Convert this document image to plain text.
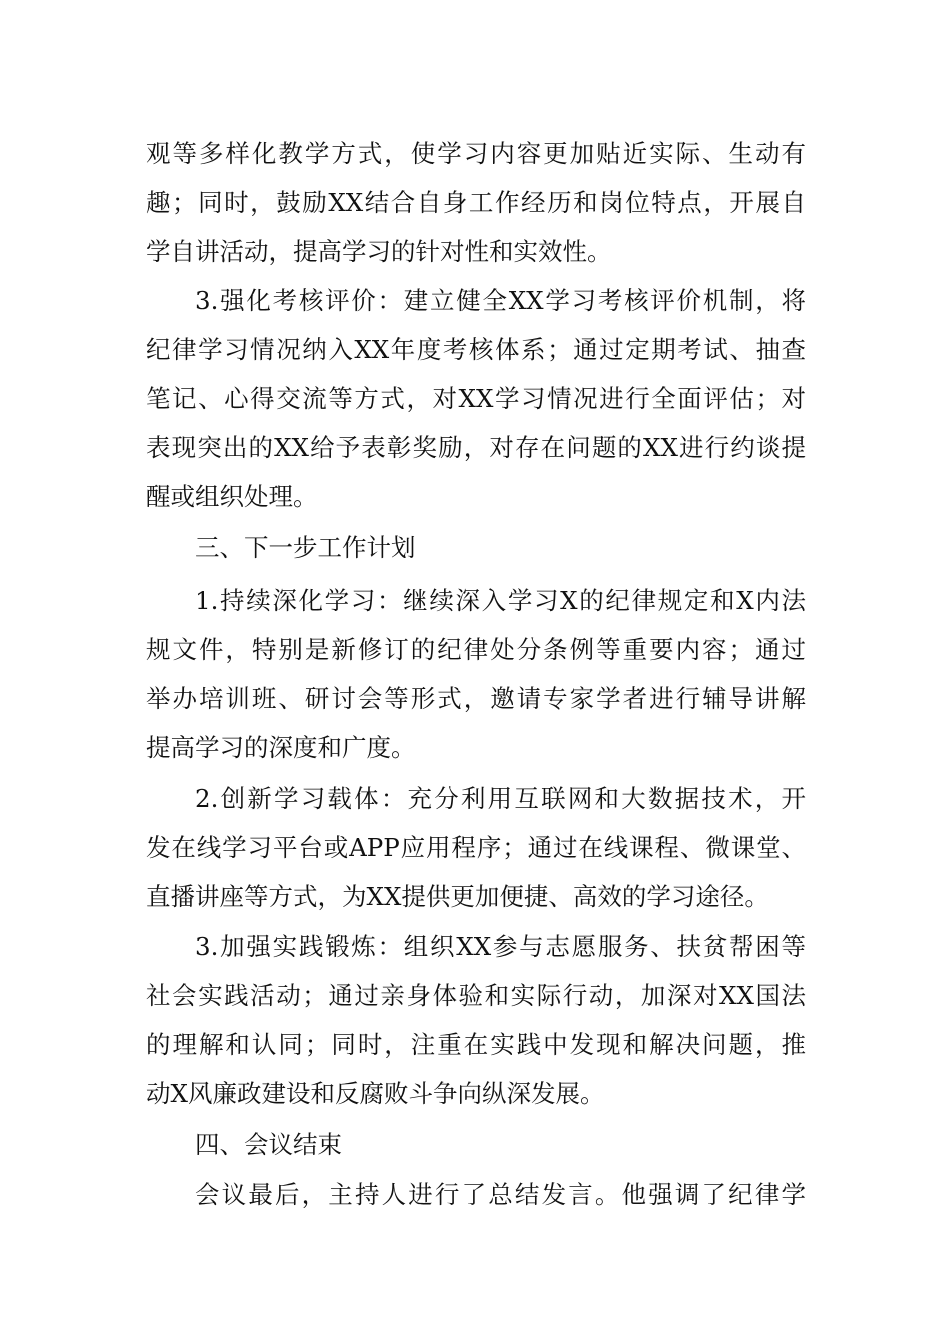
观等多样化教学方式，使学习内容更加贴近实际、生动有
趣；同时，鼓励XX结合自身工作经历和岗位特点，开展自
学自讲活动，提高学习的针对性和实效性。
3.强化考核评价：建立健全XX学习考核评价机制，将
纪律学习情况纳入XX年度考核体系；通过定期考试、抽查
笔记、心得交流等方式，对XX学习情况进行全面评估；对
表现突出的XX给予表彰奖励，对存在问题的XX进行约谈提
醒或组织处理。
三、下一步工作计划
1.持续深化学习：继续深入学习X的纪律规定和X内法
规文件，特别是新修订的纪律处分条例等重要内容；通过
举办培训班、研讨会等形式，邀请专家学者进行辅导讲解
提高学习的深度和广度。
2.创新学习载体：充分利用互联网和大数据技术，开
发在线学习平台或APP应用程序；通过在线课程、微课堂、
直播讲座等方式，为XX提供更加便捷、高效的学习途径。
3.加强实践锻炼：组织XX参与志愿服务、扶贫帮困等
社会实践活动；通过亲身体验和实际行动，加深对XX国法
的理解和认同；同时，注重在实践中发现和解决问题，推
动X风廉政建设和反腐败斗争向纵深发展。
四、会议结束
会议最后，主持人进行了总结发言。他强调了纪律学
